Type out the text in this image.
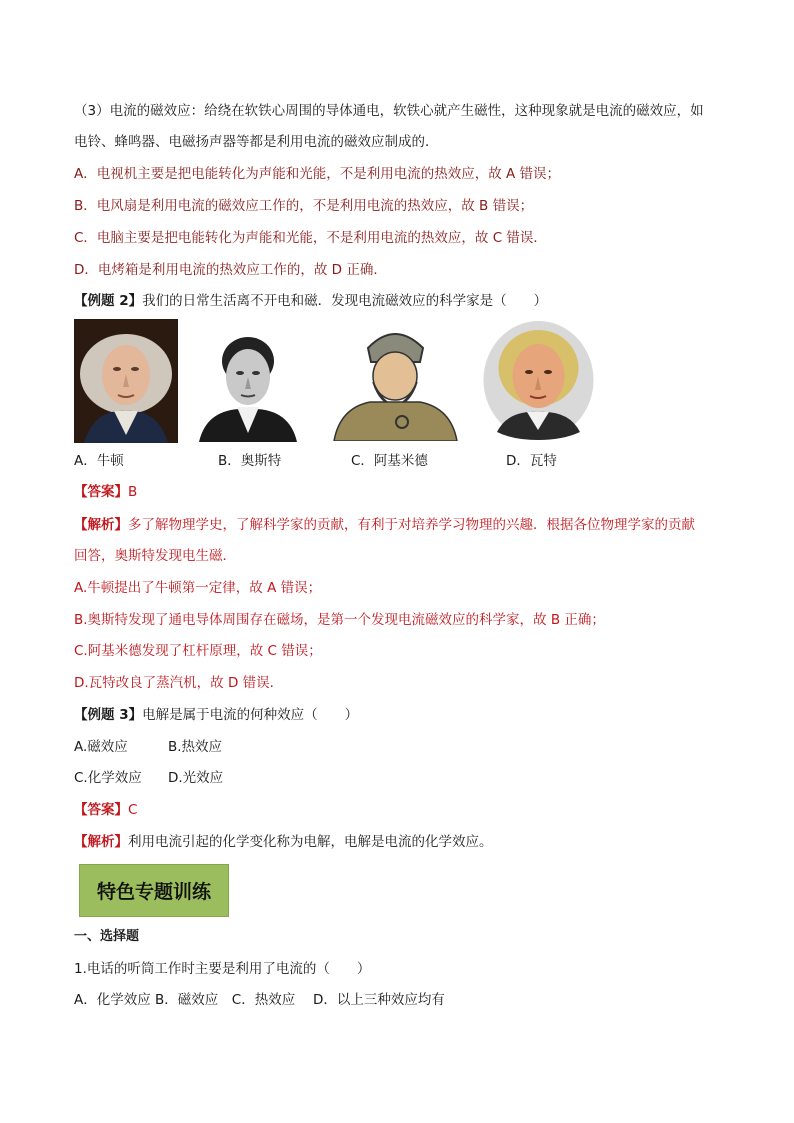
（3）电流的磁效应：给绕在软铁心周围的导体通电，软铁心就产生磁性，这种现象就是电流的磁效应，如
电铃、蜂鸣器、电磁扬声器等都是利用电流的磁效应制成的．
A．电视机主要是把电能转化为声能和光能，不是利用电流的热效应，故 A 错误；
B．电风扇是利用电流的磁效应工作的，不是利用电流的热效应，故 B 错误；
C．电脑主要是把电能转化为声能和光能，不是利用电流的热效应，故 C 错误．
D．电烤箱是利用电流的热效应工作的，故 D 正确．
【例题 2】我们的日常生活离不开电和磁．发现电流磁效应的科学家是（　　）
A．牛顿	B．奥斯特	C．阿基米德	D．瓦特
【答案】B
【解析】多了解物理学史，了解科学家的贡献，有利于对培养学习物理的兴趣．根据各位物理学家的贡献
回答，奥斯特发现电生磁．
A.牛顿提出了牛顿第一定律，故 A 错误；
B.奥斯特发现了通电导体周围存在磁场，是第一个发现电流磁效应的科学家，故 B 正确；
C.阿基米德发现了杠杆原理，故 C 错误；
D.瓦特改良了蒸汽机，故 D 错误．
【例题 3】电解是属于电流的何种效应（　　）
A.磁效应	B.热效应
C.化学效应 D.光效应
【答案】C
【解析】利用电流引起的化学变化称为电解，电解是电流的化学效应。
特色专题训练
一、选择题
1.电话的听筒工作时主要是利用了电流的（　　）
A．化学效应 B．磁效应　C．热效应　 D．以上三种效应均有
